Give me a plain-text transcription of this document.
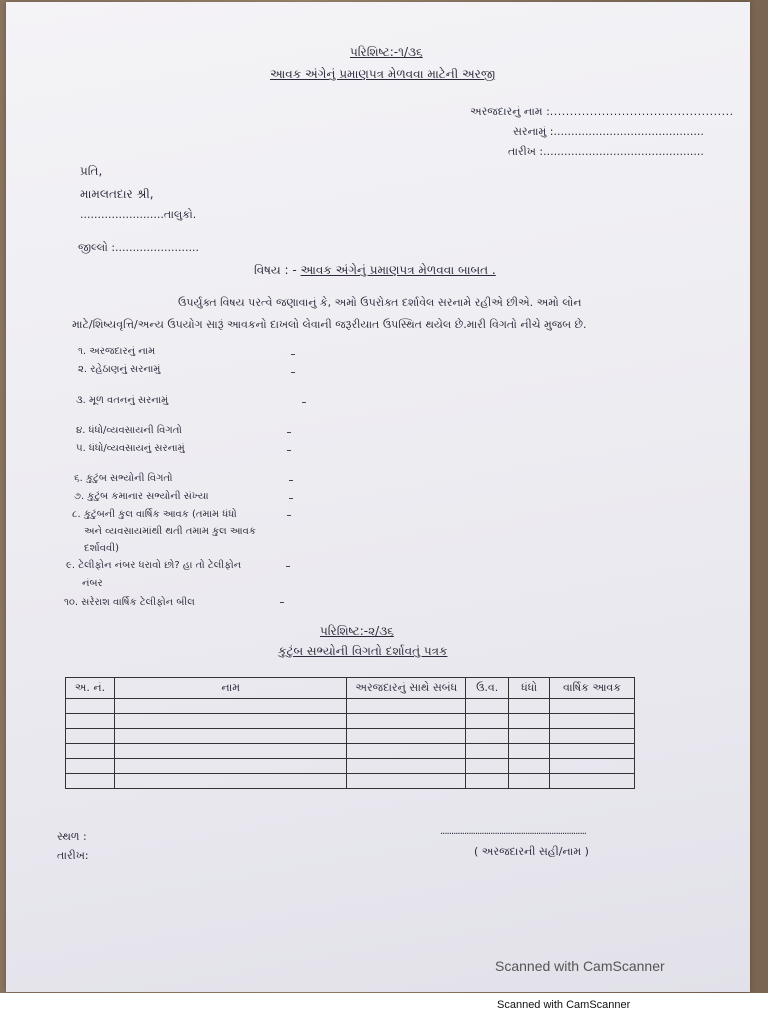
પરિશિષ્ટ:-૧/૩૬
આવક અંગેનું પ્રમાણપત્ર મેળવવા માટેની અરજી
અરજદારનું નામ :..............................................
સરનામું :...........................................
તારીખ :..............................................
પ્રતિ,
મામલતદાર શ્રી,
........................તાલુકો.
જીલ્લો :........................
વિષય : - આવક અંગેનું પ્રમાણપત્ર મેળવવા બાબત .
ઉપર્યુક્ત વિષય પરત્વે જણાવાનું કે, અમો ઉપરોક્ત દર્શાવેલ સરનામે રહીએ છીએ. અમો લોન
માટે/શિષ્યવૃત્તિ/અન્ય ઉપયોગ સારૂં આવકનો દાખલો લેવાની જરૂરીયાત ઉપસ્થિત થયેલ છે.મારી વિગતો નીચે મુજબ છે.
૧. અરજદારનું નામ
૨. રહેઠાણનું સરનામું
૩. મૂળ વતનનું સરનામું
૪. ધંધો/વ્યવસાયની વિગતો
૫. ધંધો/વ્યવસાયનું સરનામું
૬. કુટુંબ સભ્યોની વિગતો
૭. કુટુંબ કમાનાર સભ્યોની સંખ્યા
૮. કુટુંબની કુલ વાર્ષિક આવક (તમામ ધંધો
અને વ્યવસાયમાંથી થતી તમામ કુલ આવક
દર્શાવવી)
૯. ટેલીફોન નંબર ધરાવો છો? હા તો ટેલીફોન
નંબર
૧૦. સરેરાશ વાર્ષિક ટેલીફોન બીલ
પરિશિષ્ટ:-૨/૩૬
કુટુંબ સભ્યોની વિગતો દર્શાવતું પત્રક
અ. નં.	નામ	અરજદારનું સાથે સબંધ	ઉ.વ.	ધંધો	વાર્ષિક આવક

સ્થળ :
તારીખ:
...................................................................
( અરજદારની સહી/નામ )
Scanned with CamScanner
Scanned with CamScanner
